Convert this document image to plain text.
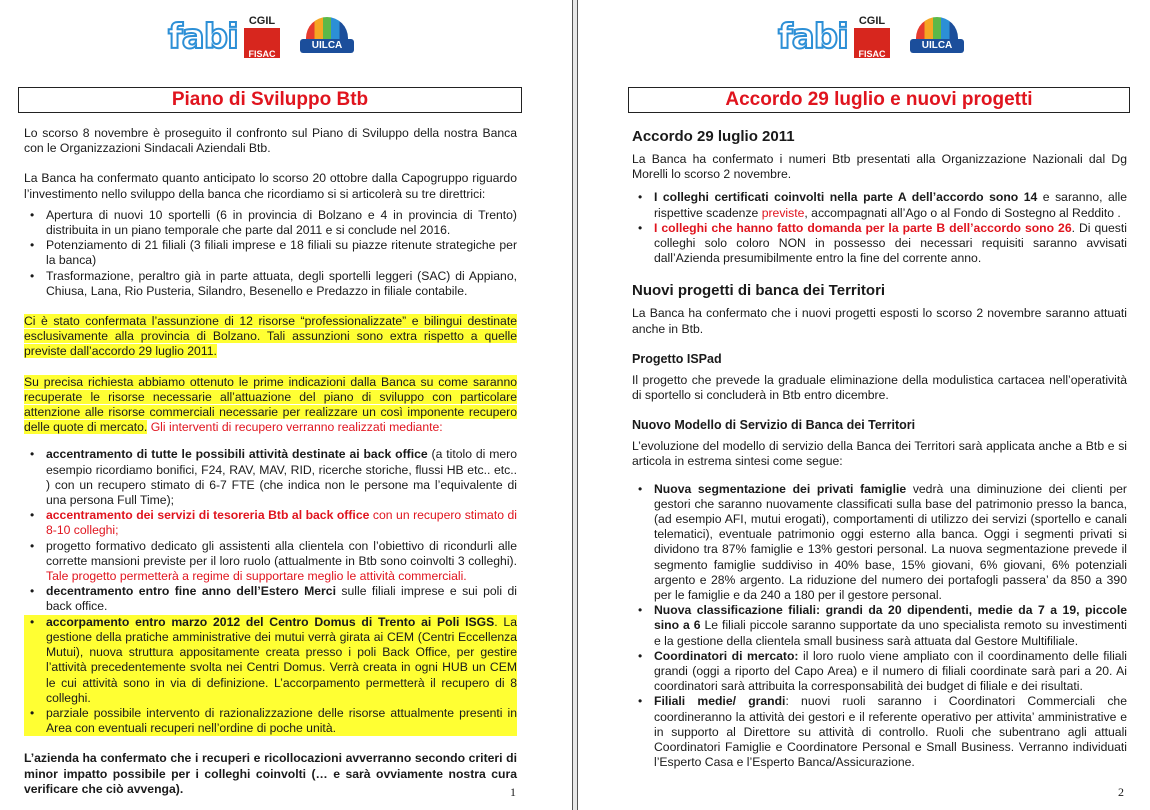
fabi	CGIL
FISAC
UILCA
Piano di Sviluppo Btb

Lo scorso 8 novembre è proseguito il confronto sul Piano di Sviluppo della nostra Banca con le Organizzazioni Sindacali Aziendali Btb.

La Banca ha confermato quanto anticipato lo scorso 20 ottobre dalla Capogruppo riguardo l’investimento nello sviluppo della banca che ricordiamo si si articolerà su tre direttrici:

• Apertura di nuovi 10 sportelli (6 in provincia di Bolzano e 4 in provincia di Trento) distribuita in un piano temporale che parte dal 2011 e si conclude nel 2016.
• Potenziamento di 21 filiali (3 filiali imprese e 18 filiali su piazze ritenute strategiche per la banca)
• Trasformazione, peraltro già in parte attuata, degli sportelli leggeri (SAC) di Appiano, Chiusa, Lana, Rio Pusteria, Silandro, Besenello e Predazzo in filiale contabile.

Ci è stato confermata l’assunzione di 12 risorse “professionalizzate” e bilingui destinate esclusivamente alla provincia di Bolzano. Tali assunzioni sono extra rispetto a quelle previste dall’accordo 29 luglio 2011.

Su precisa richiesta abbiamo ottenuto le prime indicazioni dalla Banca su come saranno recuperate le risorse necessarie all’attuazione del piano di sviluppo con particolare attenzione alle risorse commerciali necessarie per realizzare un così imponente recupero delle quote di mercato. Gli interventi di recupero verranno realizzati mediante:

• accentramento di tutte le possibili attività destinate ai back office (a titolo di mero esempio ricordiamo bonifici, F24, RAV, MAV, RID, ricerche storiche, flussi HB etc.. etc.. ) con un recupero stimato di 6-7 FTE (che indica non le persone ma l’equivalente di una persona Full Time);
• accentramento dei servizi di tesoreria Btb al back office con un recupero stimato di 8-10 colleghi;
• progetto formativo dedicato gli assistenti alla clientela con l’obiettivo di ricondurli alle corrette mansioni previste per il loro ruolo (attualmente in Btb sono coinvolti 3 colleghi). Tale progetto permetterà a regime di supportare meglio le attività commerciali.
• decentramento entro fine anno dell’Estero Merci sulle filiali imprese e sui poli di back office.
• accorpamento entro marzo 2012 del Centro Domus di Trento ai Poli ISGS. La gestione della pratiche amministrative dei mutui verrà girata ai CEM (Centri Eccellenza Mutui), nuova struttura appositamente creata presso i poli Back Office, per gestire l’attività precedentemente svolta nei Centri Domus. Verrà creata in ogni HUB un CEM le cui attività sono in via di definizione. L’accorpamento permetterà il recupero di 8 colleghi.
• parziale possibile intervento di razionalizzazione delle risorse attualmente presenti in Area con eventuali recuperi nell’ordine di poche unità.

L’azienda ha confermato che i recuperi e ricollocazioni avverranno secondo criteri di minor impatto possibile per i colleghi coinvolti (… e sarà ovviamente nostra cura verificare che ciò avvenga).	1
fabi	CGIL
FISAC
UILCA
Accordo 29 luglio e nuovi progetti
Accordo 29 luglio 2011

La Banca ha confermato i numeri Btb presentati alla Organizzazione Nazionali dal Dg Morelli lo scorso 2 novembre.

• I colleghi certificati coinvolti nella parte A dell’accordo sono 14 e saranno, alle rispettive scadenze previste, accompagnati all’Ago o al Fondo di Sostegno al Reddito .
• I colleghi che hanno fatto domanda per la parte B dell’accordo sono 26. Di questi colleghi solo coloro NON in possesso dei necessari requisiti saranno avvisati dall’Azienda presumibilmente entro la fine del corrente anno.
Nuovi progetti di banca dei Territori

La Banca ha confermato che i nuovi progetti esposti lo scorso 2 novembre saranno attuati anche in Btb.

Progetto ISPad

Il progetto che prevede la graduale eliminazione della modulistica cartacea nell’operatività di sportello si concluderà in Btb entro dicembre.

Nuovo Modello di Servizio di Banca dei Territori

L’evoluzione del modello di servizio della Banca dei Territori sarà applicata anche a Btb e si articola in estrema sintesi come segue:

• Nuova segmentazione dei privati famiglie vedrà una diminuzione dei clienti per gestori che saranno nuovamente classificati sulla base del patrimonio presso la banca, (ad esempio AFI, mutui erogati), comportamenti di utilizzo dei servizi (sportello e canali telematici), eventuale patrimonio oggi esterno alla banca. Oggi i segmenti privati si dividono tra 87% famiglie e 13% gestori personal. La nuova segmentazione prevede il segmento famiglie suddiviso in 40% base, 15% giovani, 6% giovani, 6% potenziali argento e 28% argento. La riduzione del numero dei portafogli passera’ da 850 a 390 per le famiglie e da 240 a 180 per il gestore personal.
• Nuova classificazione filiali: grandi da 20 dipendenti, medie da 7 a 19, piccole sino a 6 Le filiali piccole saranno supportate da uno specialista remoto su investimenti e la gestione della clientela small business sarà attuata dal Gestore Multifiliale.
• Coordinatori di mercato: il loro ruolo viene ampliato con il coordinamento delle filiali grandi (oggi a riporto del Capo Area) e il numero di filiali coordinate sarà pari a 20. Ai coordinatori sarà attribuita la corresponsabilità dei budget di filiale e dei risultati.
• Filiali medie/ grandi: nuovi ruoli saranno i Coordinatori Commerciali che coordineranno la attività dei gestori e il referente operativo per attivita’ amministrative e in supporto al Direttore su attività di controllo. Ruoli che subentrano agli attuali Coordinatori Famiglie e Coordinatore Personal e Small Business. Verranno individuati l’Esperto Casa e l’Esperto Banca/Assicurazione.
2
